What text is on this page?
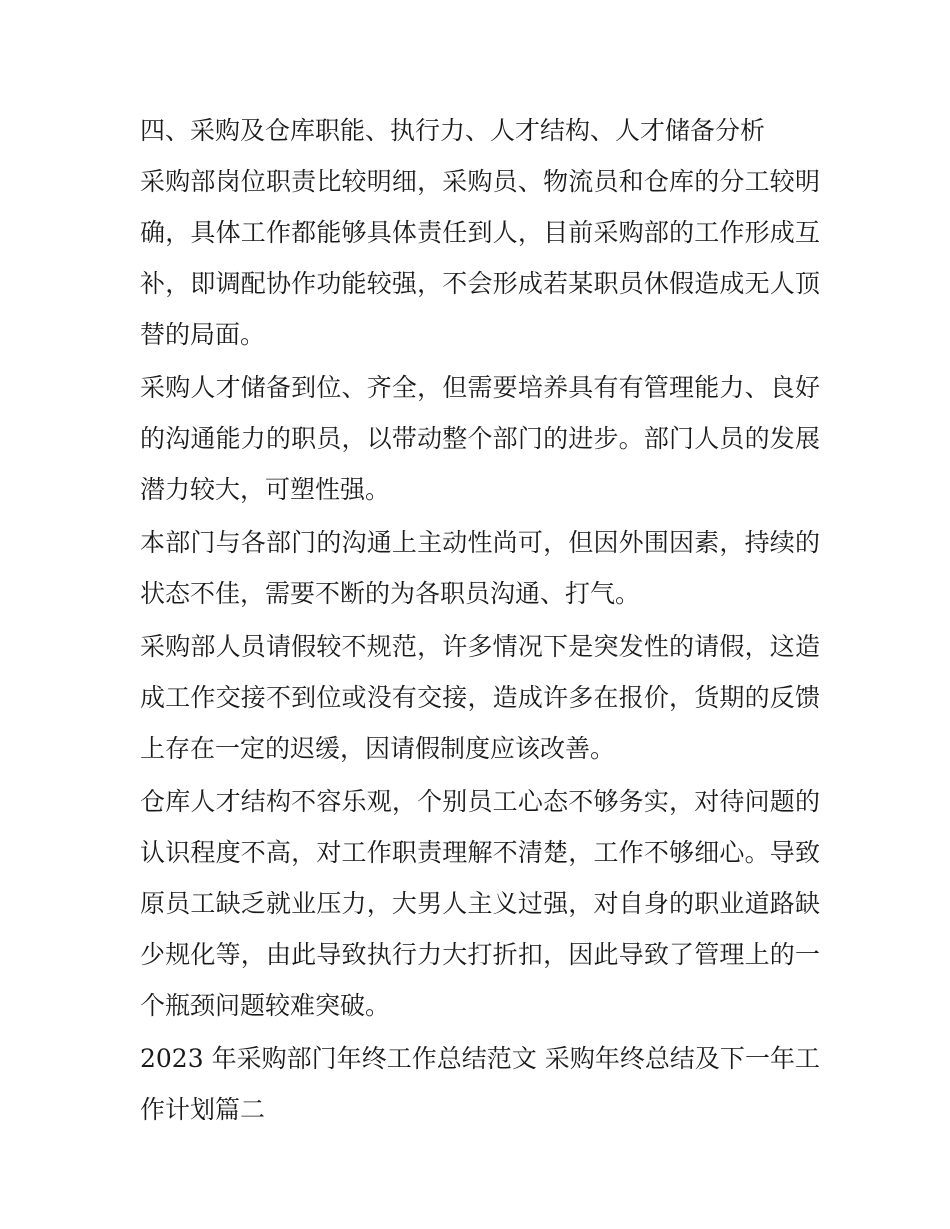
四、采购及仓库职能、执行力、人才结构、人才储备分析

采购部岗位职责比较明细，采购员、物流员和仓库的分工较明确，具体工作都能够具体责任到人，目前采购部的工作形成互补，即调配协作功能较强，不会形成若某职员休假造成无人顶替的局面。

采购人才储备到位、齐全，但需要培养具有有管理能力、良好的沟通能力的职员，以带动整个部门的进步。部门人员的发展潜力较大，可塑性强。

本部门与各部门的沟通上主动性尚可，但因外围因素，持续的状态不佳，需要不断的为各职员沟通、打气。

采购部人员请假较不规范，许多情况下是突发性的请假，这造成工作交接不到位或没有交接，造成许多在报价，货期的反馈上存在一定的迟缓，因请假制度应该改善。

仓库人才结构不容乐观，个别员工心态不够务实，对待问题的认识程度不高，对工作职责理解不清楚，工作不够细心。导致原员工缺乏就业压力，大男人主义过强，对自身的职业道路缺少规化等，由此导致执行力大打折扣，因此导致了管理上的一个瓶颈问题较难突破。

2023 年采购部门年终工作总结范文 采购年终总结及下一年工作计划篇二
